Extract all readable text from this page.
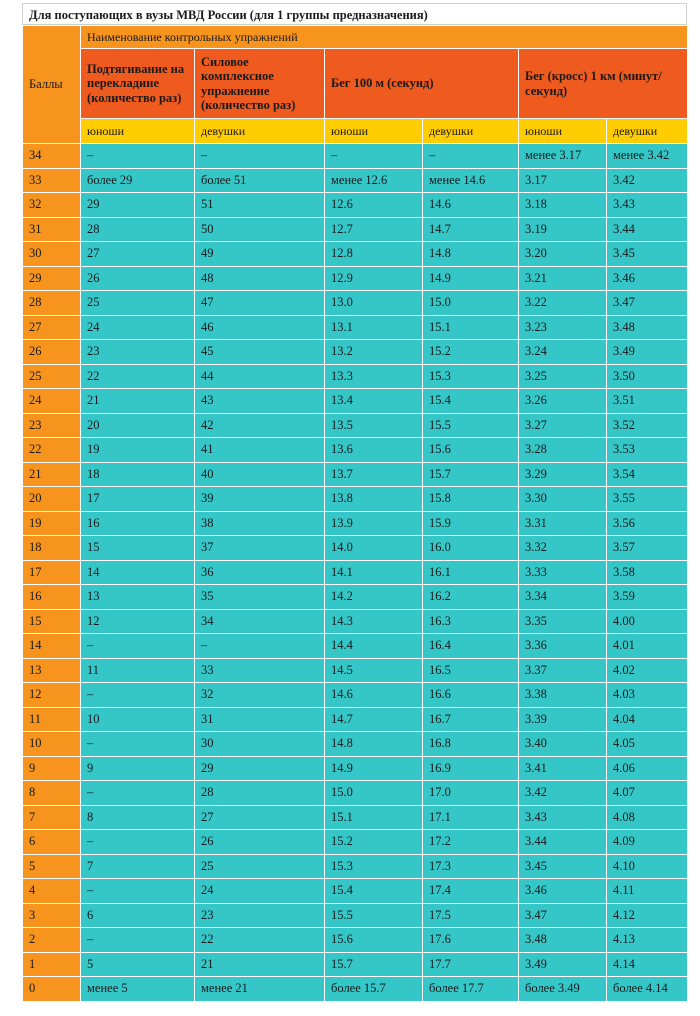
Для поступающих в вузы МВД России (для 1 группы предназначения)
Баллы	Наименование контрольных упражнений					
	Подтягивание на перекладине (количество раз)	Силовое комплексное упражнение (количество раз)	Бег 100 м (секунд)		Бег (кросс) 1 км (минут/секунд)	
	юноши	девушки	юноши	девушки	юноши	девушки
34	–	–	–	–	менее 3.17	менее 3.42
33	более 29	более 51	менее 12.6	менее 14.6	3.17	3.42
32	29	51	12.6	14.6	3.18	3.43
31	28	50	12.7	14.7	3.19	3.44
30	27	49	12.8	14.8	3.20	3.45
29	26	48	12.9	14.9	3.21	3.46
28	25	47	13.0	15.0	3.22	3.47
27	24	46	13.1	15.1	3.23	3.48
26	23	45	13.2	15.2	3.24	3.49
25	22	44	13.3	15.3	3.25	3.50
24	21	43	13.4	15.4	3.26	3.51
23	20	42	13.5	15.5	3.27	3.52
22	19	41	13.6	15.6	3.28	3.53
21	18	40	13.7	15.7	3.29	3.54
20	17	39	13.8	15.8	3.30	3.55
19	16	38	13.9	15.9	3.31	3.56
18	15	37	14.0	16.0	3.32	3.57
17	14	36	14.1	16.1	3.33	3.58
16	13	35	14.2	16.2	3.34	3.59
15	12	34	14.3	16.3	3.35	4.00
14	–	–	14.4	16.4	3.36	4.01
13	11	33	14.5	16.5	3.37	4.02
12	–	32	14.6	16.6	3.38	4.03
11	10	31	14.7	16.7	3.39	4.04
10	–	30	14.8	16.8	3.40	4.05
9	9	29	14.9	16.9	3.41	4.06
8	–	28	15.0	17.0	3.42	4.07
7	8	27	15.1	17.1	3.43	4.08
6	–	26	15.2	17.2	3.44	4.09
5	7	25	15.3	17.3	3.45	4.10
4	–	24	15.4	17.4	3.46	4.11
3	6	23	15.5	17.5	3.47	4.12
2	–	22	15.6	17.6	3.48	4.13
1	5	21	15.7	17.7	3.49	4.14
0	менее 5	менее 21	более 15.7	более 17.7	более 3.49	более 4.14
